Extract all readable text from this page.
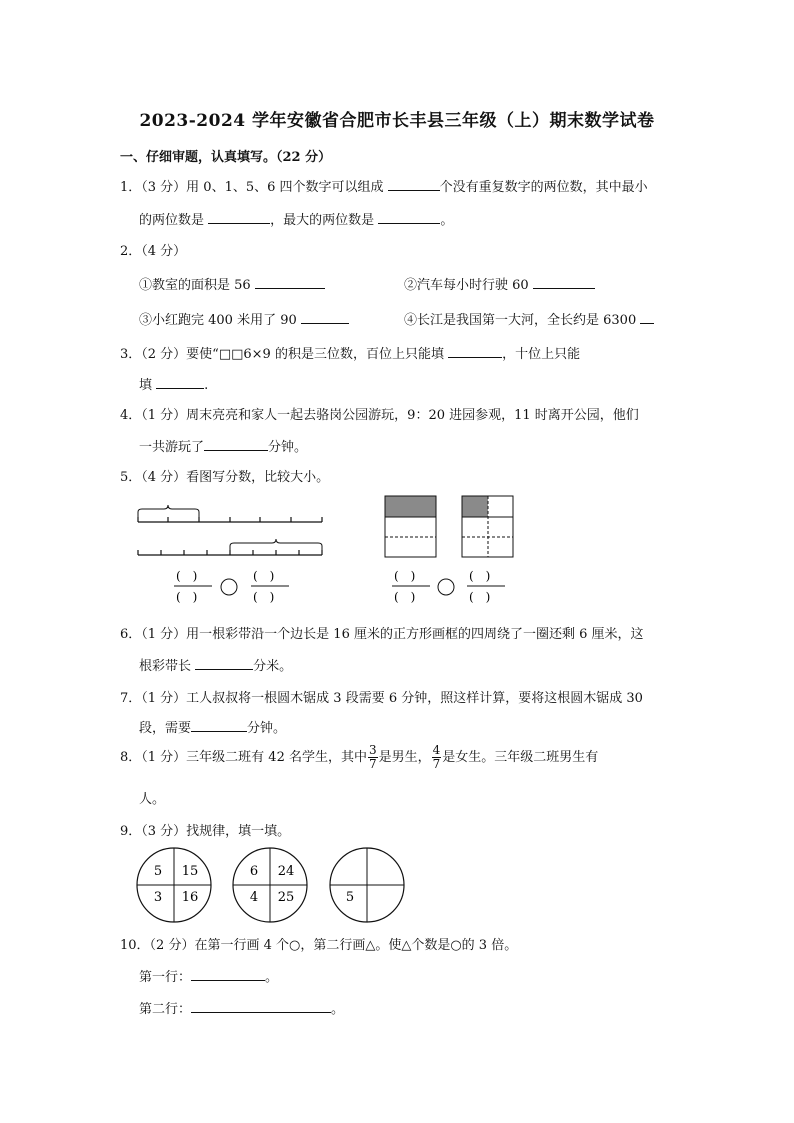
2023-2024 学年安徽省合肥市长丰县三年级（上）期末数学试卷
一、仔细审题，认真填写。（22 分）
1．（3 分）用 0、1、5、6 四个数字可以组成	个没有重复数字的两位数，其中最小
的两位数是	，最大的两位数是	。
2．（4 分）
①教室的面积是 56	②汽车每小时行驶 60
③小红跑完 400 米用了 90	④长江是我国第一大河，全长约是 6300
3．（2 分）要使“□□6×9 的积是三位数，百位上只能填	，十位上只能
填	.
4．（1 分）周末亮亮和家人一起去骆岗公园游玩，9：20 进园参观，11 时离开公园，他们
一共游玩了	分钟。
5．（4 分）看图写分数，比较大小。
(　)
(　)
(　)
(　)
(　)
(　)
(　)
(　)
6．（1 分）用一根彩带沿一个边长是 16 厘米的正方形画框的四周绕了一圈还剩 6 厘米，这
根彩带长	分米。
7．（1 分）工人叔叔将一根圆木锯成 3 段需要 6 分钟，照这样计算，要将这根圆木锯成 30
段，需要	分钟。
8．（1 分）三年级二班有 42 名学生，其中 $\frac{3}{7}$ 是男生， $\frac{4}{7}$ 是女生。三年级二班男生有
人。
9．（3 分）找规律，填一填。
5 15
3 16
6 24
4 25	5
10．（2 分）在第一行画 4 个○，第二行画△。使△个数是○的 3 倍。
第一行：	。
第二行：	。
